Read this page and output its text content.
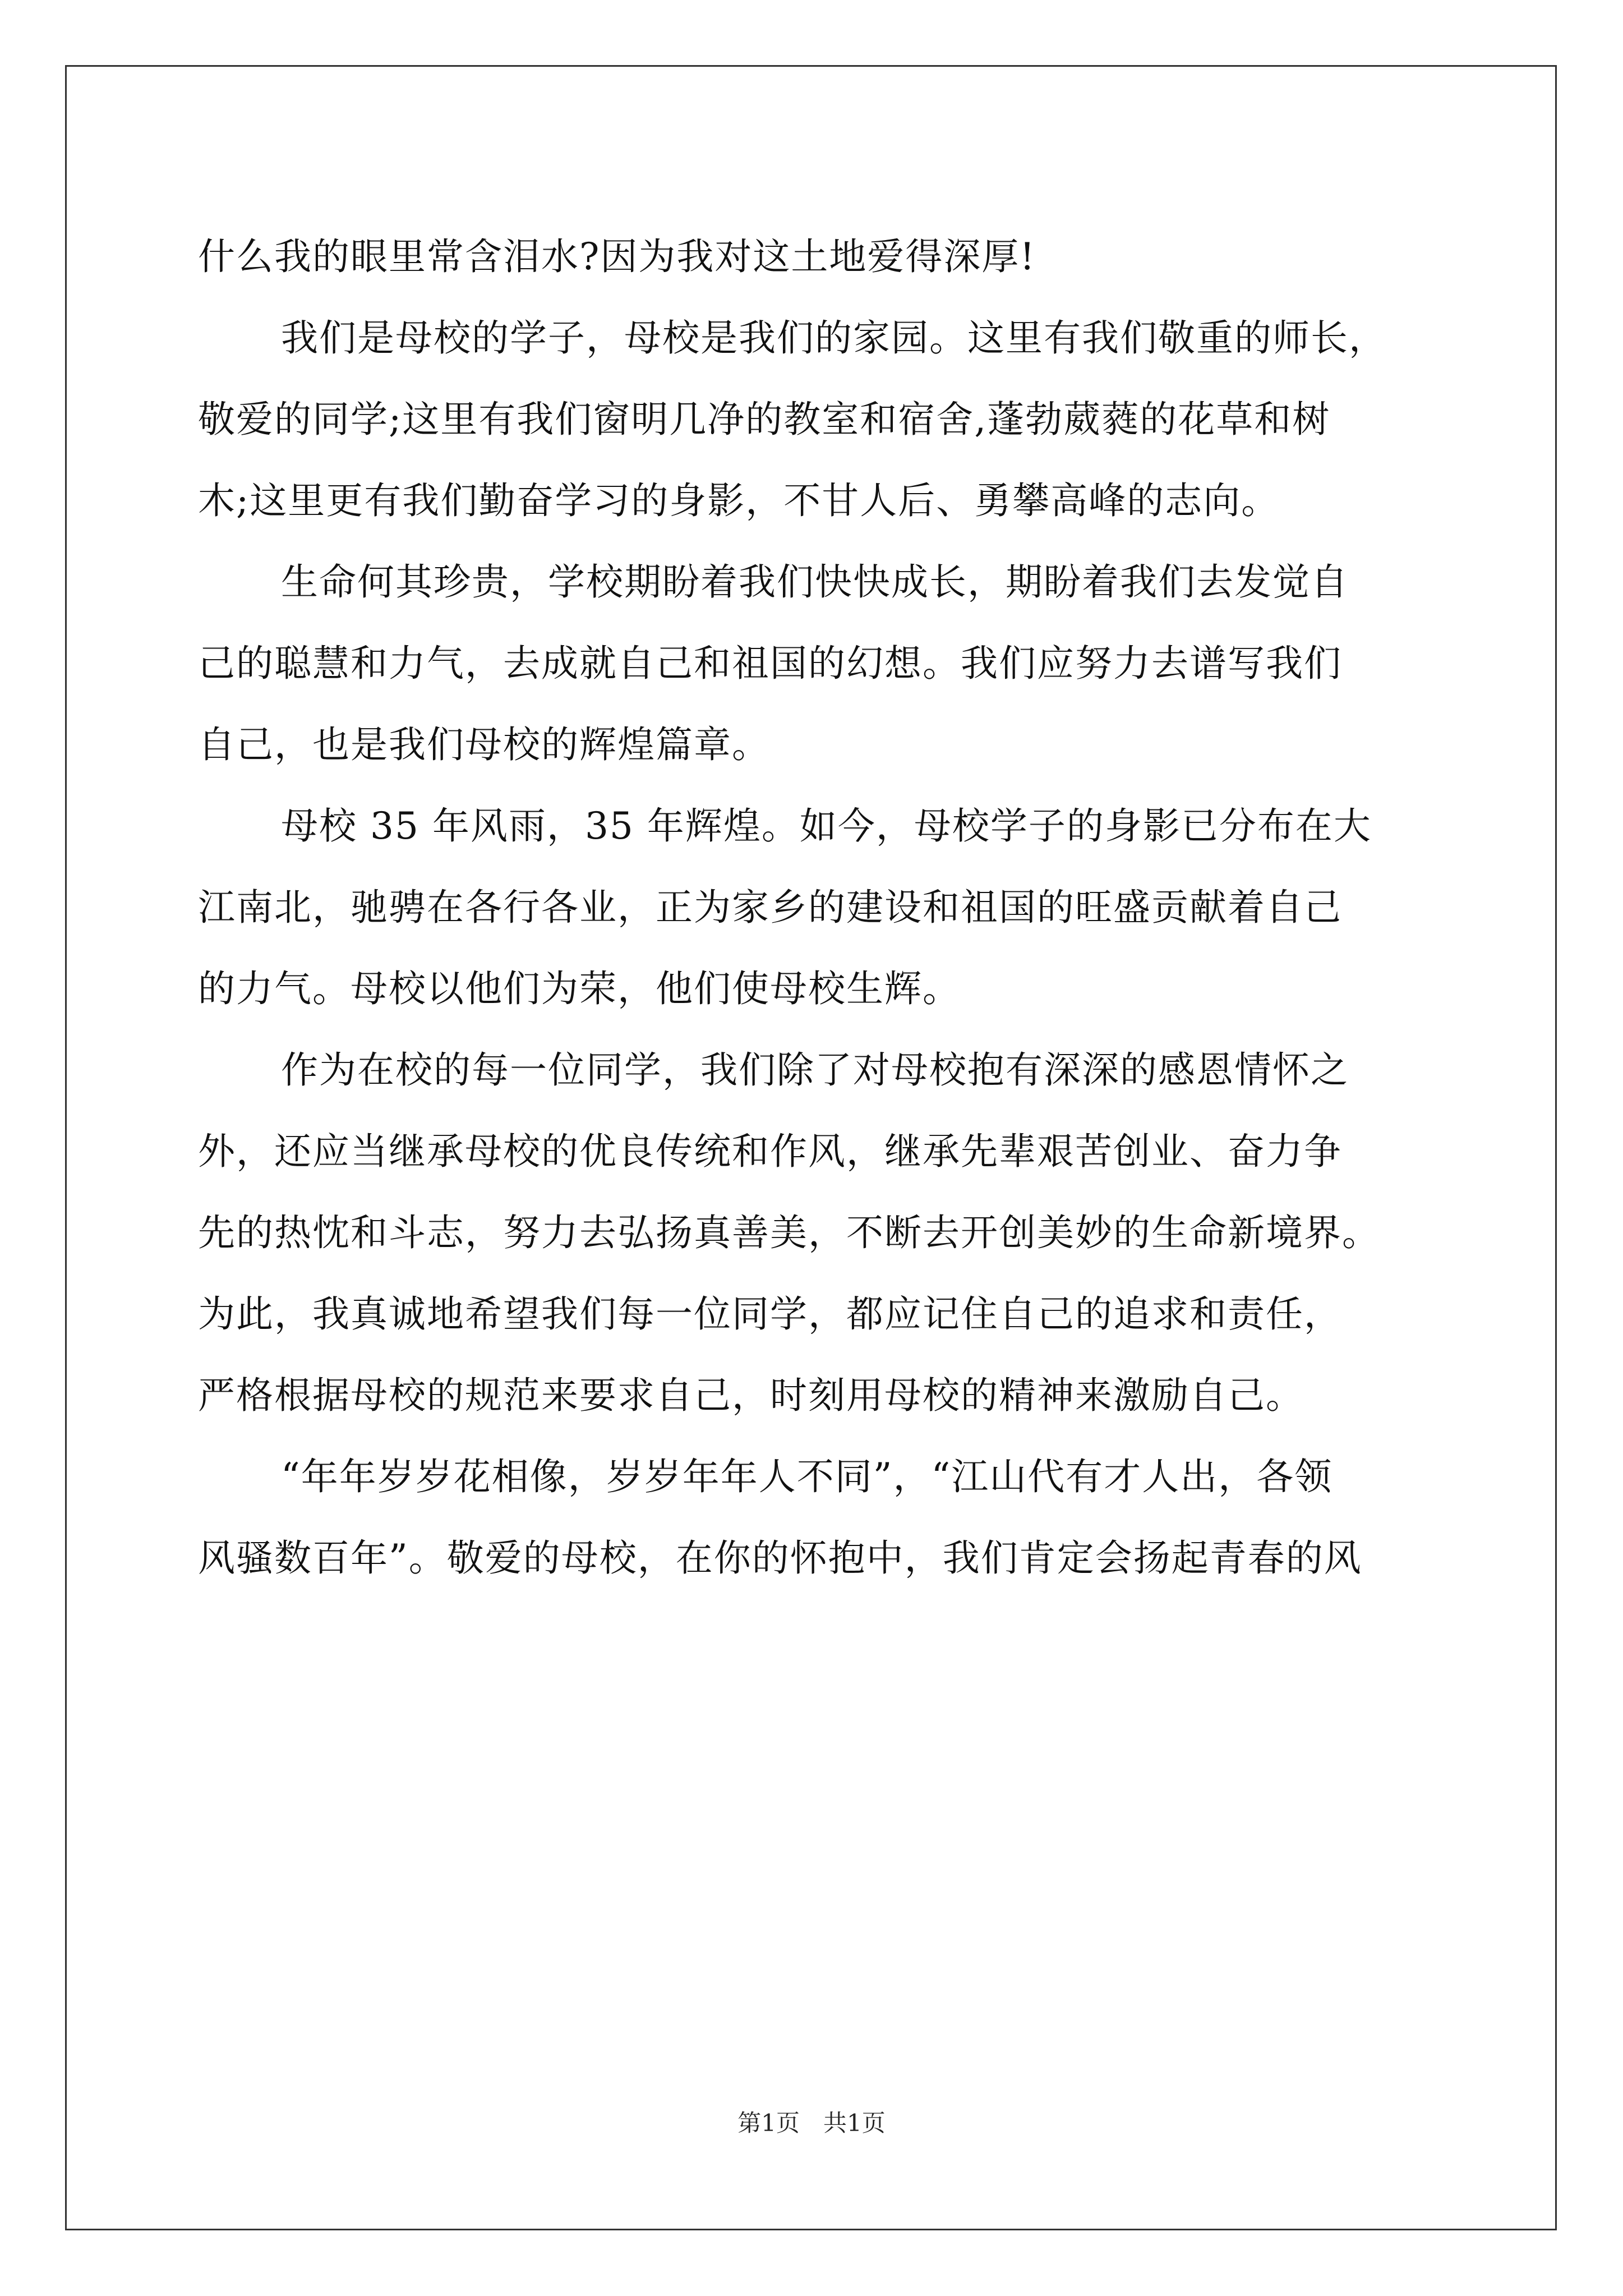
什么我的眼里常含泪水?因为我对这土地爱得深厚!
我们是母校的学子，母校是我们的家园。这里有我们敬重的师长，
敬爱的同学;这里有我们窗明几净的教室和宿舍,蓬勃葳蕤的花草和树
木;这里更有我们勤奋学习的身影，不甘人后、勇攀高峰的志向。
生命何其珍贵，学校期盼着我们快快成长，期盼着我们去发觉自
己的聪慧和力气，去成就自己和祖国的幻想。我们应努力去谱写我们
自己，也是我们母校的辉煌篇章。
母校 35 年风雨，35 年辉煌。如今，母校学子的身影已分布在大
江南北，驰骋在各行各业，正为家乡的建设和祖国的旺盛贡献着自己
的力气。母校以他们为荣，他们使母校生辉。
作为在校的每一位同学，我们除了对母校抱有深深的感恩情怀之
外，还应当继承母校的优良传统和作风，继承先辈艰苦创业、奋力争
先的热忱和斗志，努力去弘扬真善美，不断去开创美妙的生命新境界。
为此，我真诚地希望我们每一位同学，都应记住自己的追求和责任，
严格根据母校的规范来要求自己，时刻用母校的精神来激励自己。
“年年岁岁花相像，岁岁年年人不同”，“江山代有才人出，各领
风骚数百年”。敬爱的母校，在你的怀抱中，我们肯定会扬起青春的风
第1页　共1页
